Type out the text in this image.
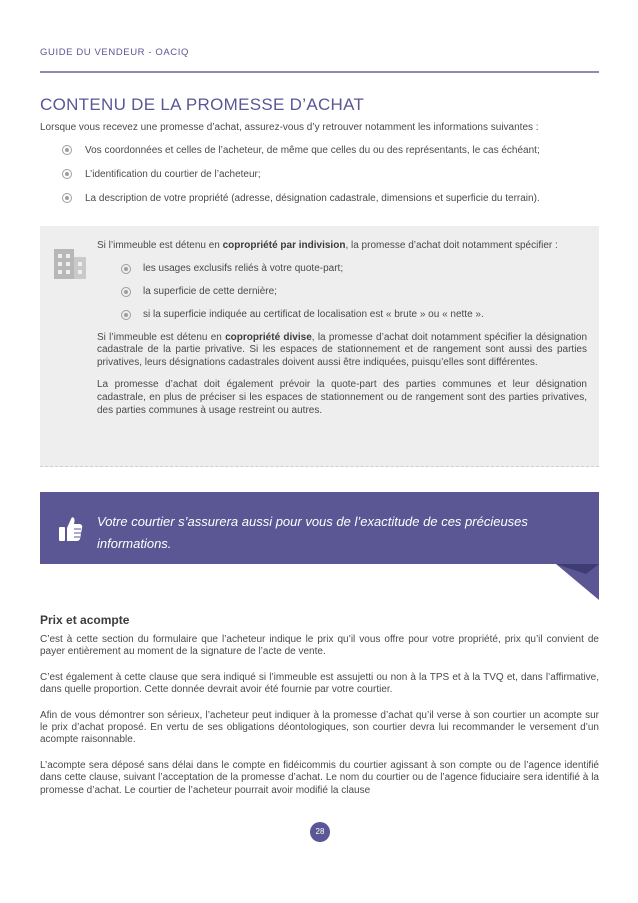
GUIDE DU VENDEUR - OACIQ
CONTENU DE LA PROMESSE D’ACHAT
Lorsque vous recevez une promesse d’achat, assurez-vous d’y retrouver notamment les informations suivantes :
Vos coordonnées et celles de l’acheteur, de même que celles du ou des représentants, le cas échéant;
L’identification du courtier de l’acheteur;
La description de votre propriété (adresse, désignation cadastrale, dimensions et superficie du terrain).

Si l’immeuble est détenu en copropriété par indivision, la promesse d’achat doit notamment spécifier :

les usages exclusifs reliés à votre quote-part;
la superficie de cette dernière;
si la superficie indiquée au certificat de localisation est « brute » ou « nette ».

Si l’immeuble est détenu en copropriété divise, la promesse d’achat doit notamment spécifier la désignation cadastrale de la partie privative. Si les espaces de stationnement et de rangement sont aussi des parties privatives, leurs désignations cadastrales doivent aussi être indiquées, puisqu’elles sont différentes.

La promesse d’achat doit également prévoir la quote-part des parties communes et leur désignation cadastrale, en plus de préciser si les espaces de stationnement ou de rangement sont des parties privatives, des parties communes à usage restreint ou autres.

Votre courtier s’assurera aussi pour vous de l’exactitude de ces précieuses informations.
Prix et acompte

C’est à cette section du formulaire que l’acheteur indique le prix qu’il vous offre pour votre propriété, prix qu’il convient de payer entièrement au moment de la signature de l’acte de vente.

C’est également à cette clause que sera indiqué si l’immeuble est assujetti ou non à la TPS et à la TVQ et, dans l’affirmative, dans quelle proportion. Cette donnée devrait avoir été fournie par votre courtier.

Afin de vous démontrer son sérieux, l’acheteur peut indiquer à la promesse d’achat qu’il verse à son courtier un acompte sur le prix d’achat proposé. En vertu de ses obligations déontologiques, son courtier devra lui recommander le versement d’un acompte raisonnable.

L’acompte sera déposé sans délai dans le compte en fidéicommis du courtier agissant à son compte ou de l’agence identifié dans cette clause, suivant l’acceptation de la promesse d’achat. Le nom du courtier ou de l’agence fiduciaire sera identifié à la promesse d’achat. Le courtier de l’acheteur pourrait avoir modifié la clause

28
